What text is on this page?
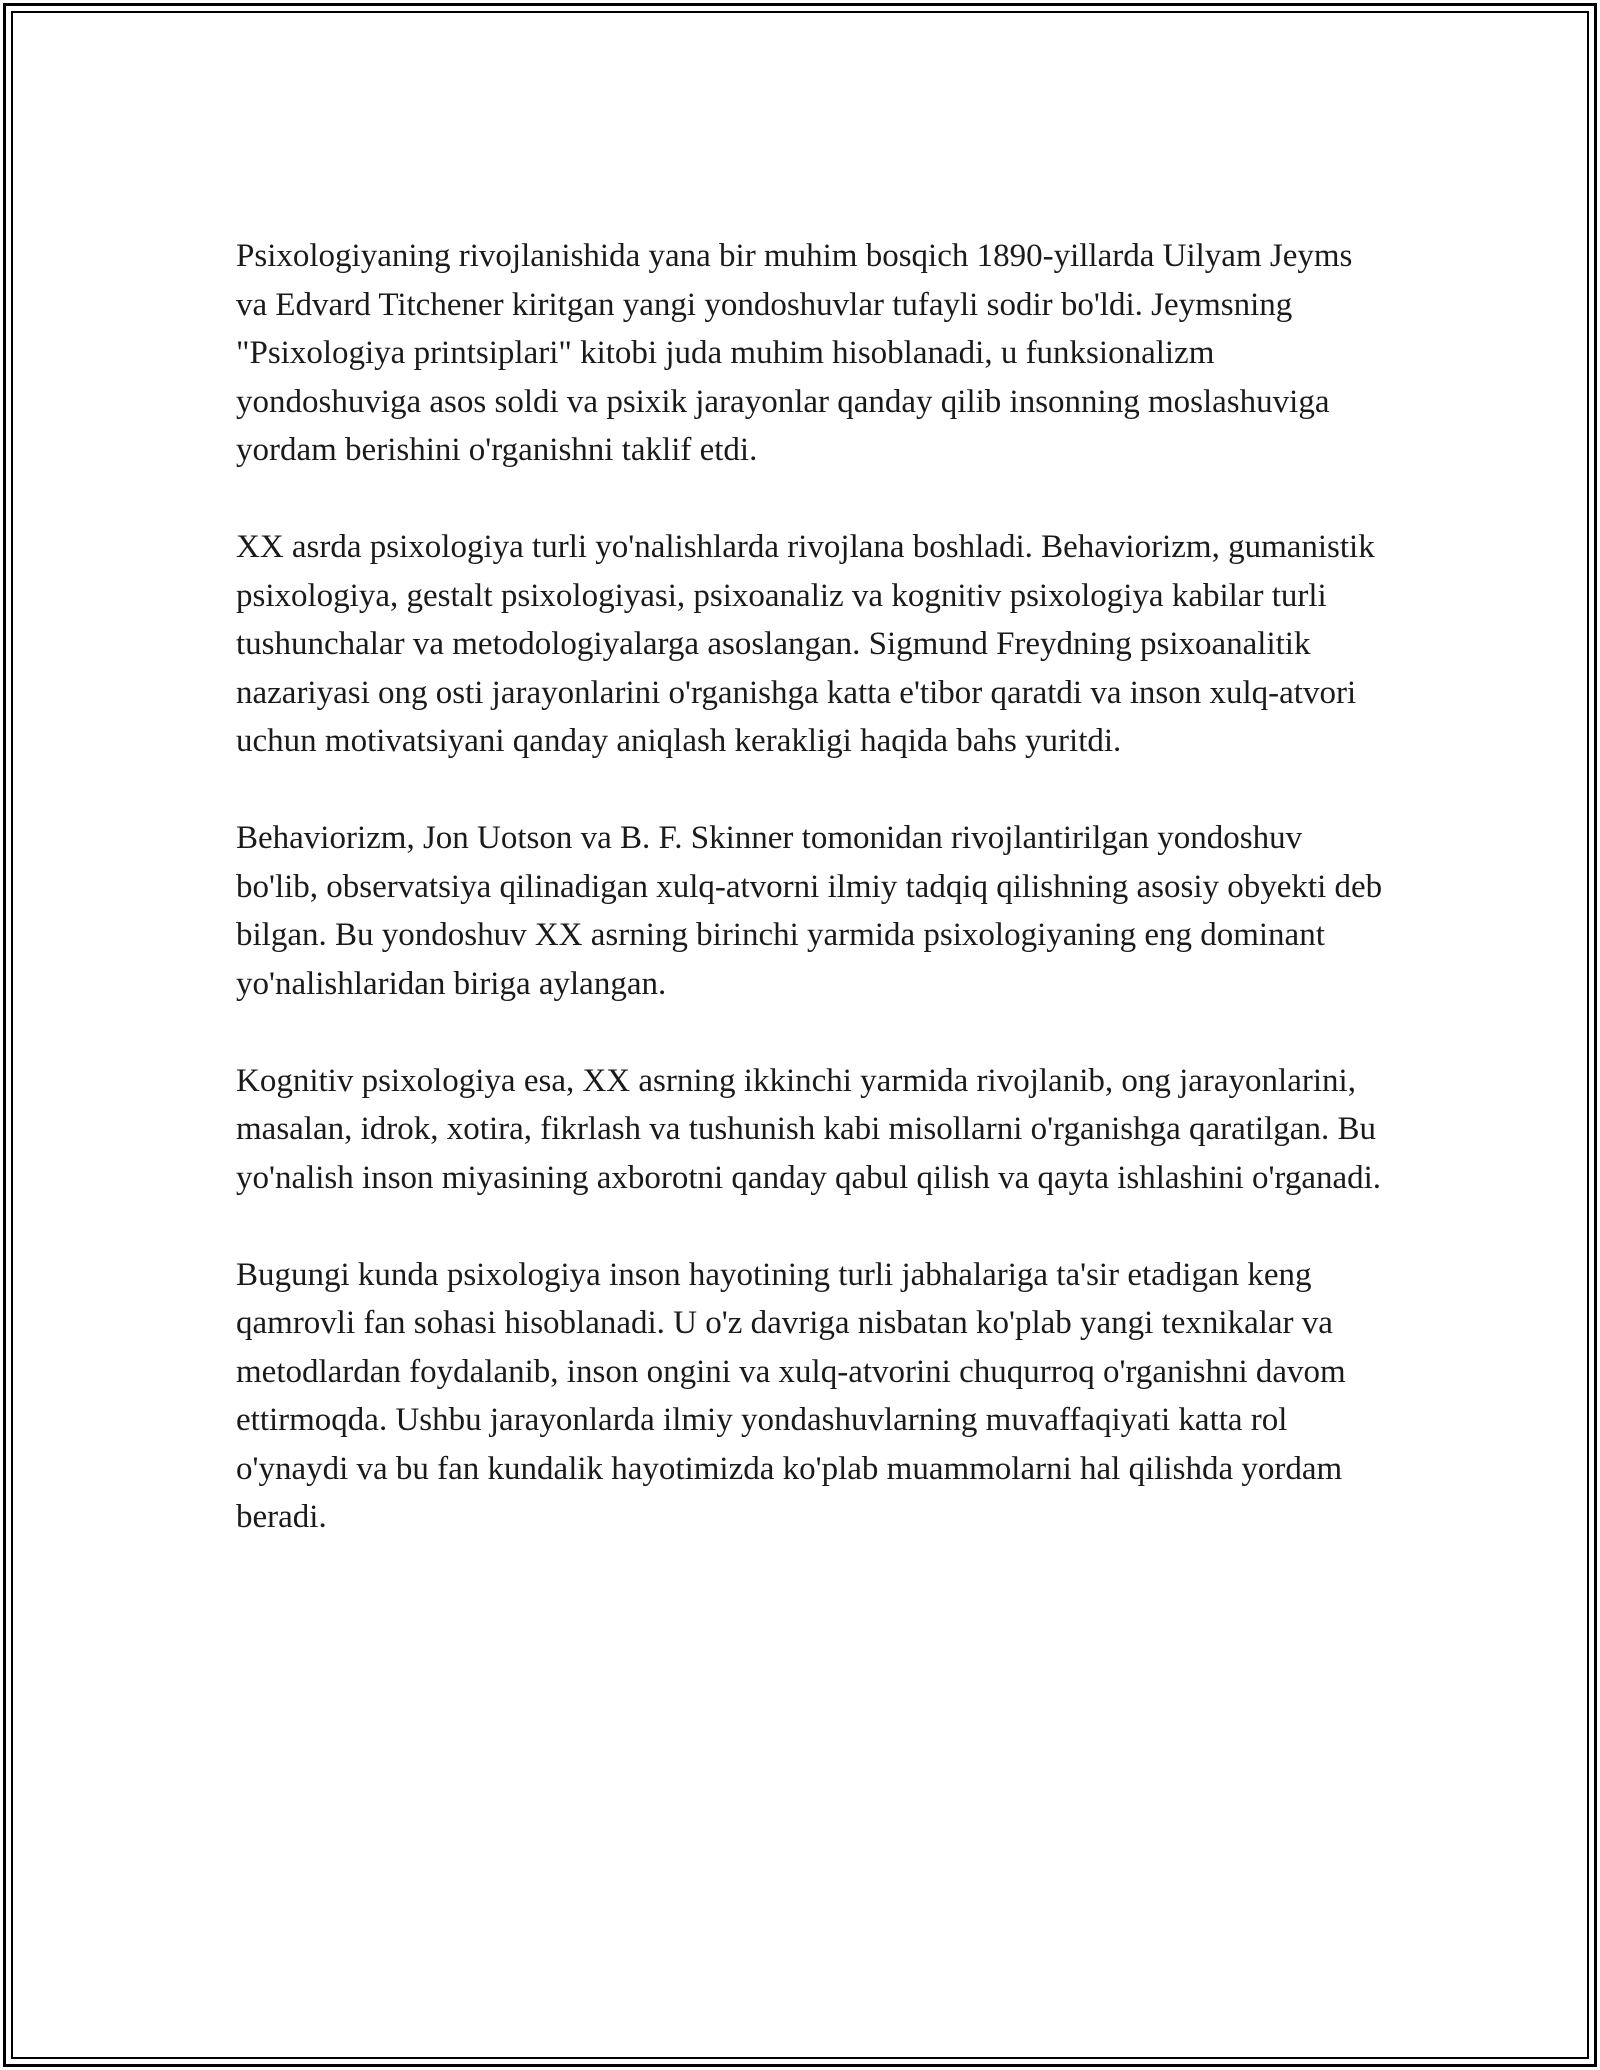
Psixologiyaning rivojlanishida yana bir muhim bosqich 1890-yillarda Uilyam Jeyms va Edvard Titchener kiritgan yangi yondoshuvlar tufayli sodir bo'ldi. Jeymsning "Psixologiya printsiplari" kitobi juda muhim hisoblanadi, u funksionalizm yondoshuviga asos soldi va psixik jarayonlar qanday qilib insonning moslashuviga yordam berishini o'rganishni taklif etdi.

XX asrda psixologiya turli yo'nalishlarda rivojlana boshladi. Behaviorizm, gumanistik psixologiya, gestalt psixologiyasi, psixoanaliz va kognitiv psixologiya kabilar turli tushunchalar va metodologiyalarga asoslangan. Sigmund Freydning psixoanalitik nazariyasi ong osti jarayonlarini o'rganishga katta e'tibor qaratdi va inson xulq-atvori uchun motivatsiyani qanday aniqlash kerakligi haqida bahs yuritdi.

Behaviorizm, Jon Uotson va B. F. Skinner tomonidan rivojlantirilgan yondoshuv bo'lib, observatsiya qilinadigan xulq-atvorni ilmiy tadqiq qilishning asosiy obyekti deb bilgan. Bu yondoshuv XX asrning birinchi yarmida psixologiyaning eng dominant yo'nalishlaridan biriga aylangan.

Kognitiv psixologiya esa, XX asrning ikkinchi yarmida rivojlanib, ong jarayonlarini, masalan, idrok, xotira, fikrlash va tushunish kabi misollarni o'rganishga qaratilgan. Bu yo'nalish inson miyasining axborotni qanday qabul qilish va qayta ishlashini o'rganadi.

Bugungi kunda psixologiya inson hayotining turli jabhalariga ta'sir etadigan keng qamrovli fan sohasi hisoblanadi. U o'z davriga nisbatan ko'plab yangi texnikalar va metodlardan foydalanib, inson ongini va xulq-atvorini chuqurroq o'rganishni davom ettirmoqda. Ushbu jarayonlarda ilmiy yondashuvlarning muvaffaqiyati katta rol o'ynaydi va bu fan kundalik hayotimizda ko'plab muammolarni hal qilishda yordam beradi.
